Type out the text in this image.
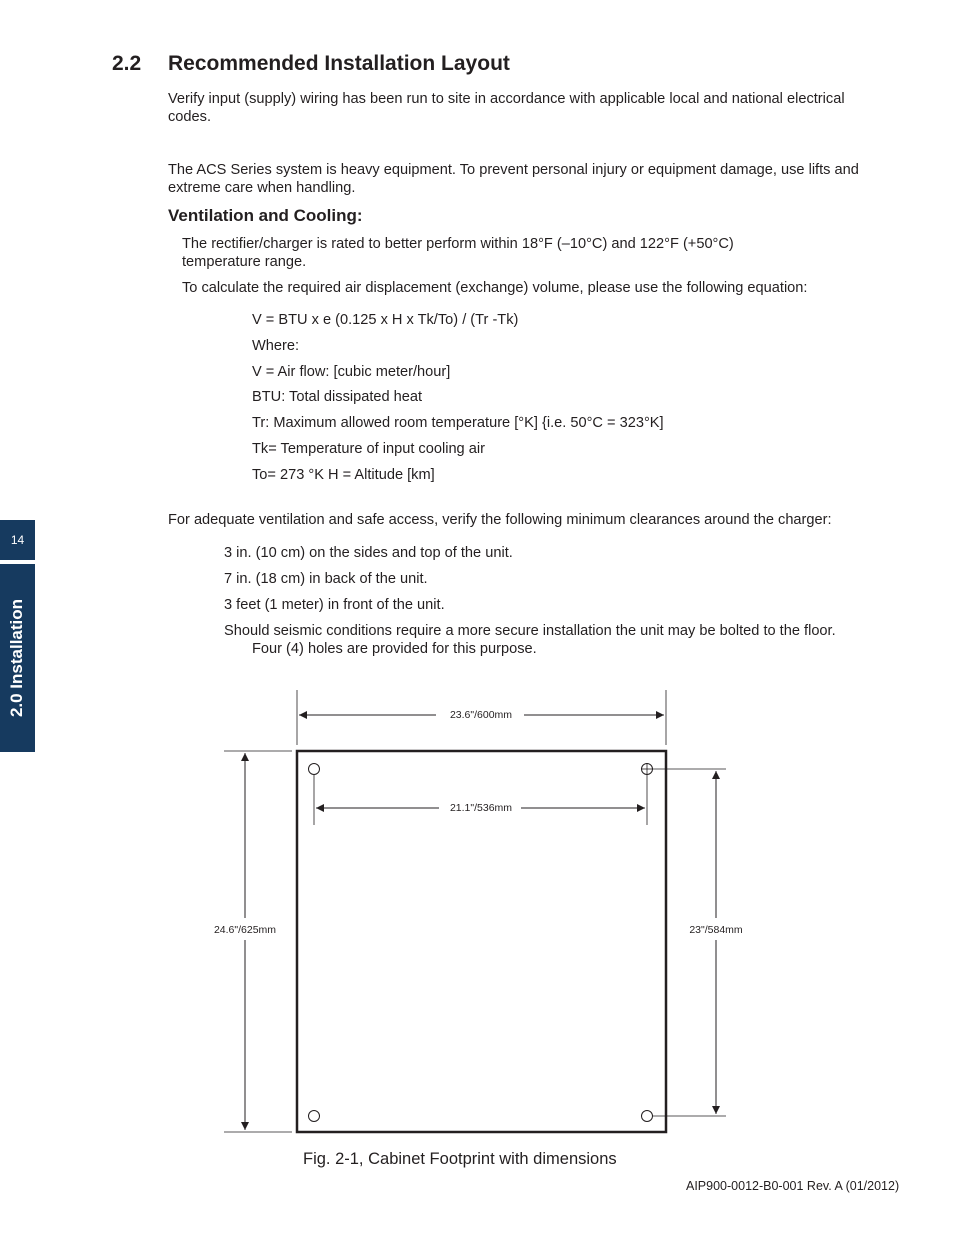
2.2 Recommended Installation Layout
Verify input (supply) wiring has been run to site in accordance with applicable local and national electrical codes.
The ACS Series system is heavy equipment. To prevent personal injury or equipment damage, use lifts and extreme care when handling.
Ventilation and Cooling:
The rectifier/charger is rated to better perform within 18°F (–10°C) and 122°F (+50°C) temperature range.
To calculate the required air displacement (exchange) volume, please use the following equation:
V = BTU x e (0.125 x H x Tk/To) / (Tr -Tk)
Where:
V = Air flow: [cubic meter/hour]
BTU: Total dissipated heat
Tr: Maximum allowed room temperature [°K] {i.e. 50°C = 323°K]
Tk= Temperature of input cooling air
To= 273 °K H = Altitude [km]
For adequate ventilation and safe access, verify the following minimum clearances around the charger:
3 in. (10 cm) on the sides and top of the unit.
7 in. (18 cm) in back of the unit.
3 feet (1 meter) in front of the unit.
Should seismic conditions require a more secure installation the unit may be bolted to the floor.
Four (4) holes are provided for this purpose.
14
2.0 Installation	23.6"/600mm
21.1"/536mm
24.6"/625mm	23"/584mm
Fig. 2-1, Cabinet Footprint with dimensions
AIP900-0012-B0-001 Rev. A (01/2012)
